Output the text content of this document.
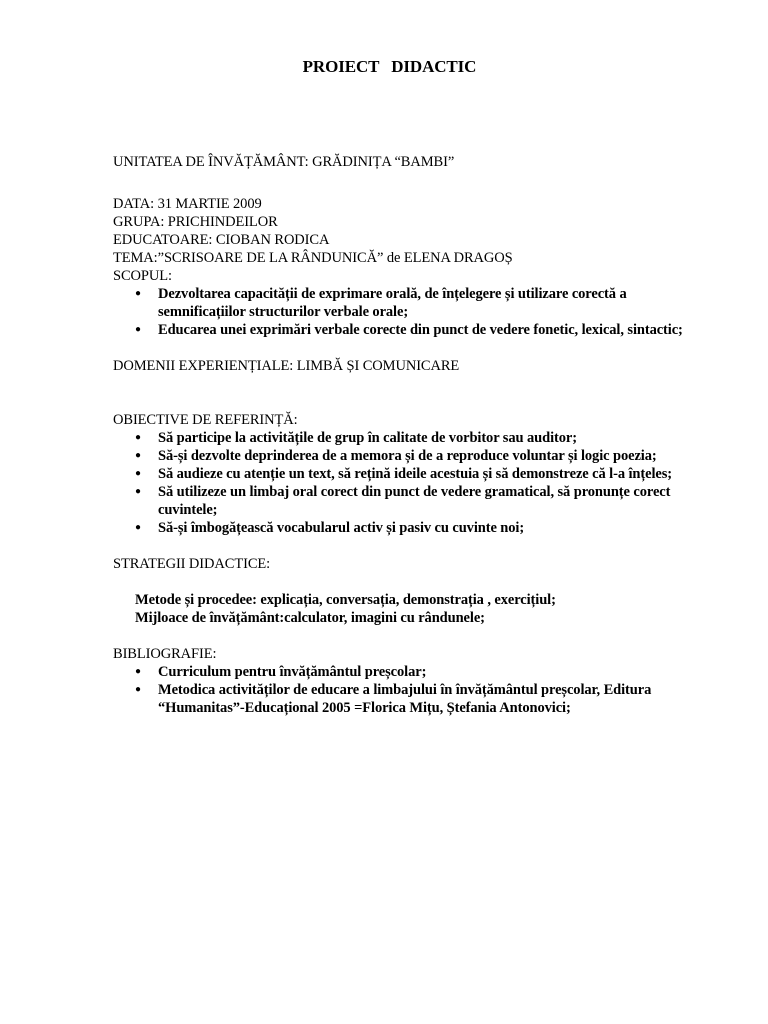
PROIECT DIDACTIC

UNITATEA DE ÎNVĂȚĂMÂNT: GRĂDINIȚA “BAMBI”

DATA: 31 MARTIE 2009

GRUPA: PRICHINDEILOR

EDUCATOARE: CIOBAN RODICA

TEMA:”SCRISOARE DE LA RÂNDUNICĂ” de ELENA DRAGOȘ

SCOPUL:

● Dezvoltarea capacității de exprimare orală, de înțelegere și utilizare corectă a semnificațiilor structurilor verbale orale;
● Educarea unei exprimări verbale corecte din punct de vedere fonetic, lexical, sintactic;

DOMENII EXPERIENȚIALE: LIMBĂ ȘI COMUNICARE

OBIECTIVE DE REFERINȚĂ:

● Să participe la activitățile de grup în calitate de vorbitor sau auditor;
● Să-și dezvolte deprinderea de a memora și de a reproduce voluntar și logic poezia;
● Să audieze cu atenție un text, să rețină ideile acestuia și să demonstreze că l-a înțeles;
● Să utilizeze un limbaj oral corect din punct de vedere gramatical, să pronunțe corect cuvintele;
● Să-și îmbogățească vocabularul activ și pasiv cu cuvinte noi;

STRATEGII DIDACTICE:

Metode și procedee: explicația, conversația, demonstrația , exercițiul;

Mijloace de învățământ:calculator, imagini cu rândunele;

BIBLIOGRAFIE:

● Curriculum pentru învățământul preșcolar;
● Metodica activităților de educare a limbajului în învățământul preșcolar, Editura “Humanitas”-Educațional 2005 =Florica Mițu, Ștefania Antonovici;
